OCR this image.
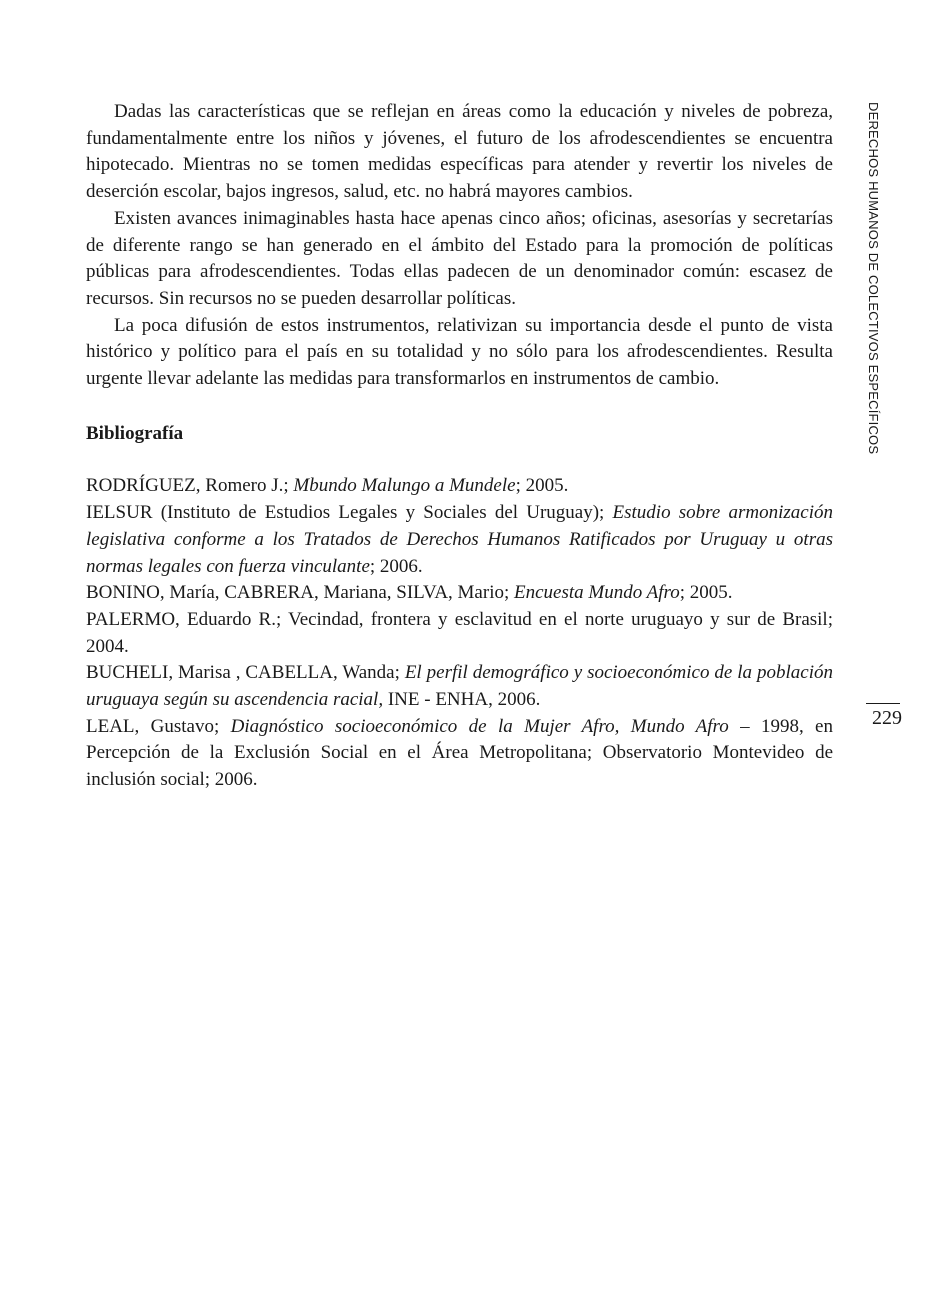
DERECHOS HUMANOS DE COLECTIVOS ESPECÍFICOS
229

Dadas las características que se reflejan en áreas como la educación y niveles de pobreza, fundamentalmente entre los niños y jóvenes, el futuro de los afrodescendientes se encuentra hipotecado. Mientras no se tomen medidas específicas para atender y revertir los niveles de deserción escolar, bajos ingresos, salud, etc. no habrá mayores cambios.

Existen avances inimaginables hasta hace apenas cinco años; oficinas, asesorías y secretarías de diferente rango se han generado en el ámbito del Estado para la promoción de políticas públicas para afrodescendientes. Todas ellas padecen de un denominador común: escasez de recursos. Sin recursos no se pueden desarrollar políticas.

La poca difusión de estos instrumentos, relativizan su importancia desde el punto de vista histórico y político para el país en su totalidad y no sólo para los afrodescendientes. Resulta urgente llevar adelante las medidas para transformarlos en instrumentos de cambio.

Bibliografía

RODRÍGUEZ, Romero J.; Mbundo Malungo a Mundele; 2005.

IELSUR (Instituto de Estudios Legales y Sociales del Uruguay); Estudio sobre armonización legislativa conforme a los Tratados de Derechos Humanos Ratificados por Uruguay u otras normas legales con fuerza vinculante; 2006.

BONINO, María, CABRERA, Mariana, SILVA, Mario; Encuesta Mundo Afro; 2005.

PALERMO, Eduardo R.; Vecindad, frontera y esclavitud en el norte uruguayo y sur de Brasil; 2004.

BUCHELI, Marisa , CABELLA, Wanda; El perfil demográfico y socioeconómico de la población uruguaya según su ascendencia racial, INE - ENHA, 2006.

LEAL, Gustavo; Diagnóstico socioeconómico de la Mujer Afro, Mundo Afro – 1998, en Percepción de la Exclusión Social en el Área Metropolitana; Observatorio Montevideo de inclusión social; 2006.
